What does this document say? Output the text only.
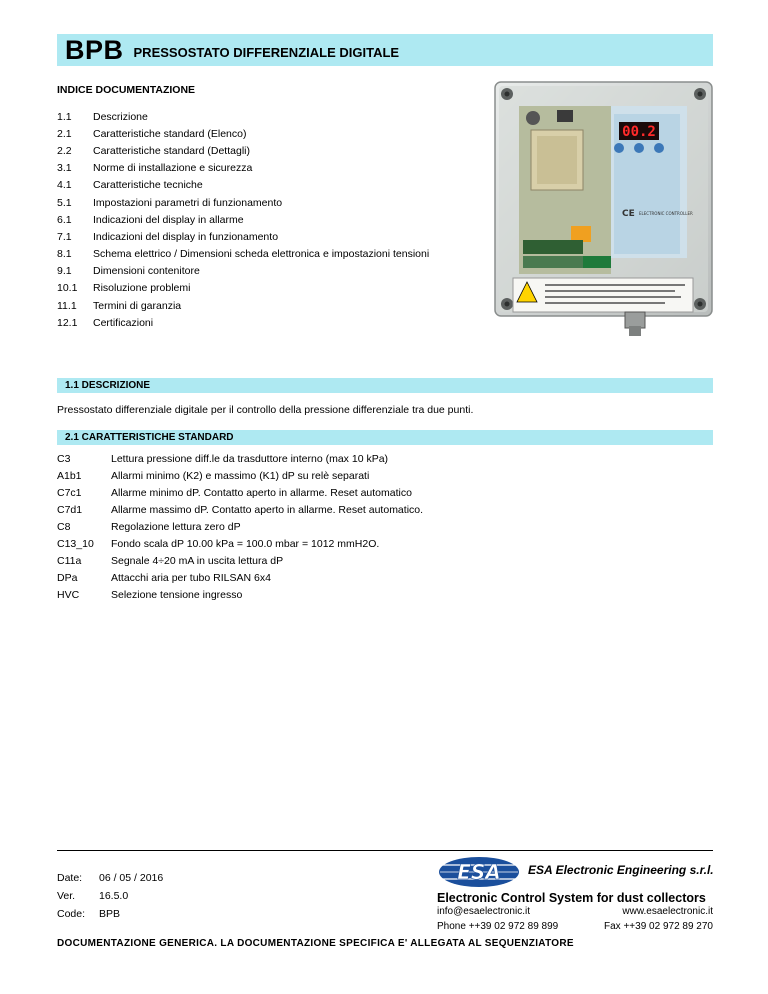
BPB PRESSOSTATO DIFFERENZIALE DIGITALE
INDICE DOCUMENTAZIONE
1.1	Descrizione
2.1	Caratteristiche standard (Elenco)
2.2	Caratteristiche standard (Dettagli)
3.1	Norme di installazione e sicurezza
4.1	Caratteristiche tecniche
5.1	Impostazioni parametri di funzionamento
6.1	Indicazioni del display in allarme
7.1	Indicazioni del display in funzionamento
8.1	Schema elettrico / Dimensioni scheda elettronica e impostazioni tensioni
9.1	Dimensioni contenitore
10.1	Risoluzione problemi
11.1	Termini di garanzia
12.1	Certificazioni
00.2
CE ELECTRONIC CONTROLLER
1.1 DESCRIZIONE
Pressostato differenziale digitale per il controllo della pressione differenziale tra due punti.
2.1 CARATTERISTICHE STANDARD
C3	Lettura pressione diff.le da trasduttore interno (max 10 kPa)
A1b1	Allarmi minimo (K2) e massimo (K1) dP su relè separati
C7c1	Allarme minimo dP. Contatto aperto in allarme. Reset automatico
C7d1	Allarme massimo dP. Contatto aperto in allarme. Reset automatico.
C8	Regolazione lettura zero dP
C13_10	Fondo scala dP 10.00 kPa = 100.0 mbar = 1012 mmH2O.
C11a	Segnale 4÷20 mA in uscita lettura dP
DPa	Attacchi aria per tubo RILSAN 6x4
HVC	Selezione tensione ingresso
Date:	06 / 05 / 2016
Ver.	16.5.0
Code:	BPB
ESA ESA Electronic Engineering s.r.l.
Electronic Control System for dust collectors
info@esaelectronic.it	www.esaelectronic.it
Phone ++39 02 972 89 899	Fax ++39 02 972 89 270
DOCUMENTAZIONE GENERICA. LA DOCUMENTAZIONE SPECIFICA E' ALLEGATA AL SEQUENZIATORE
